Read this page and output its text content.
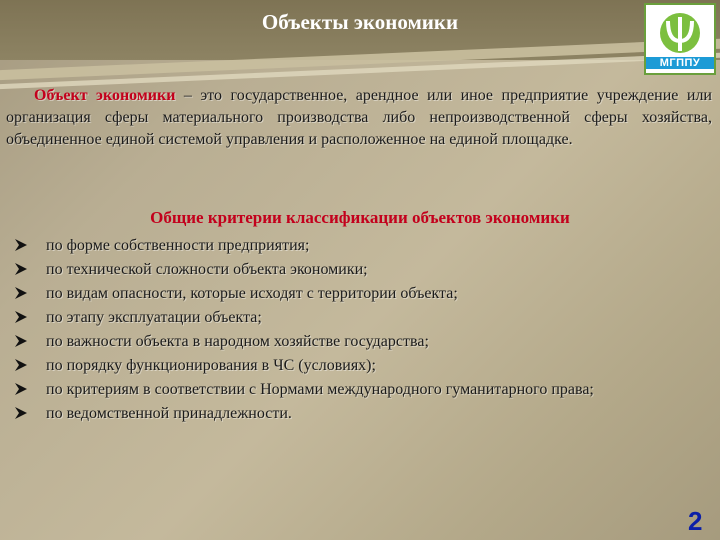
Объекты экономики
МГППУ
Объект экономики – это государственное, арендное или иное предприятие учреждение или организация сферы материального производства либо непроизводственной сферы хозяйства, объединенное единой системой управления и расположенное на единой площадке.
Общие критерии классификации объектов экономики
по форме собственности предприятия;
по технической сложности объекта экономики;
по видам опасности, которые исходят с территории объекта;
по этапу эксплуатации объекта;
по важности объекта в народном хозяйстве государства;
по порядку функционирования в ЧС (условиях);
по критериям в соответствии с Нормами международного гуманитарного права;
по ведомственной принадлежности.
2
